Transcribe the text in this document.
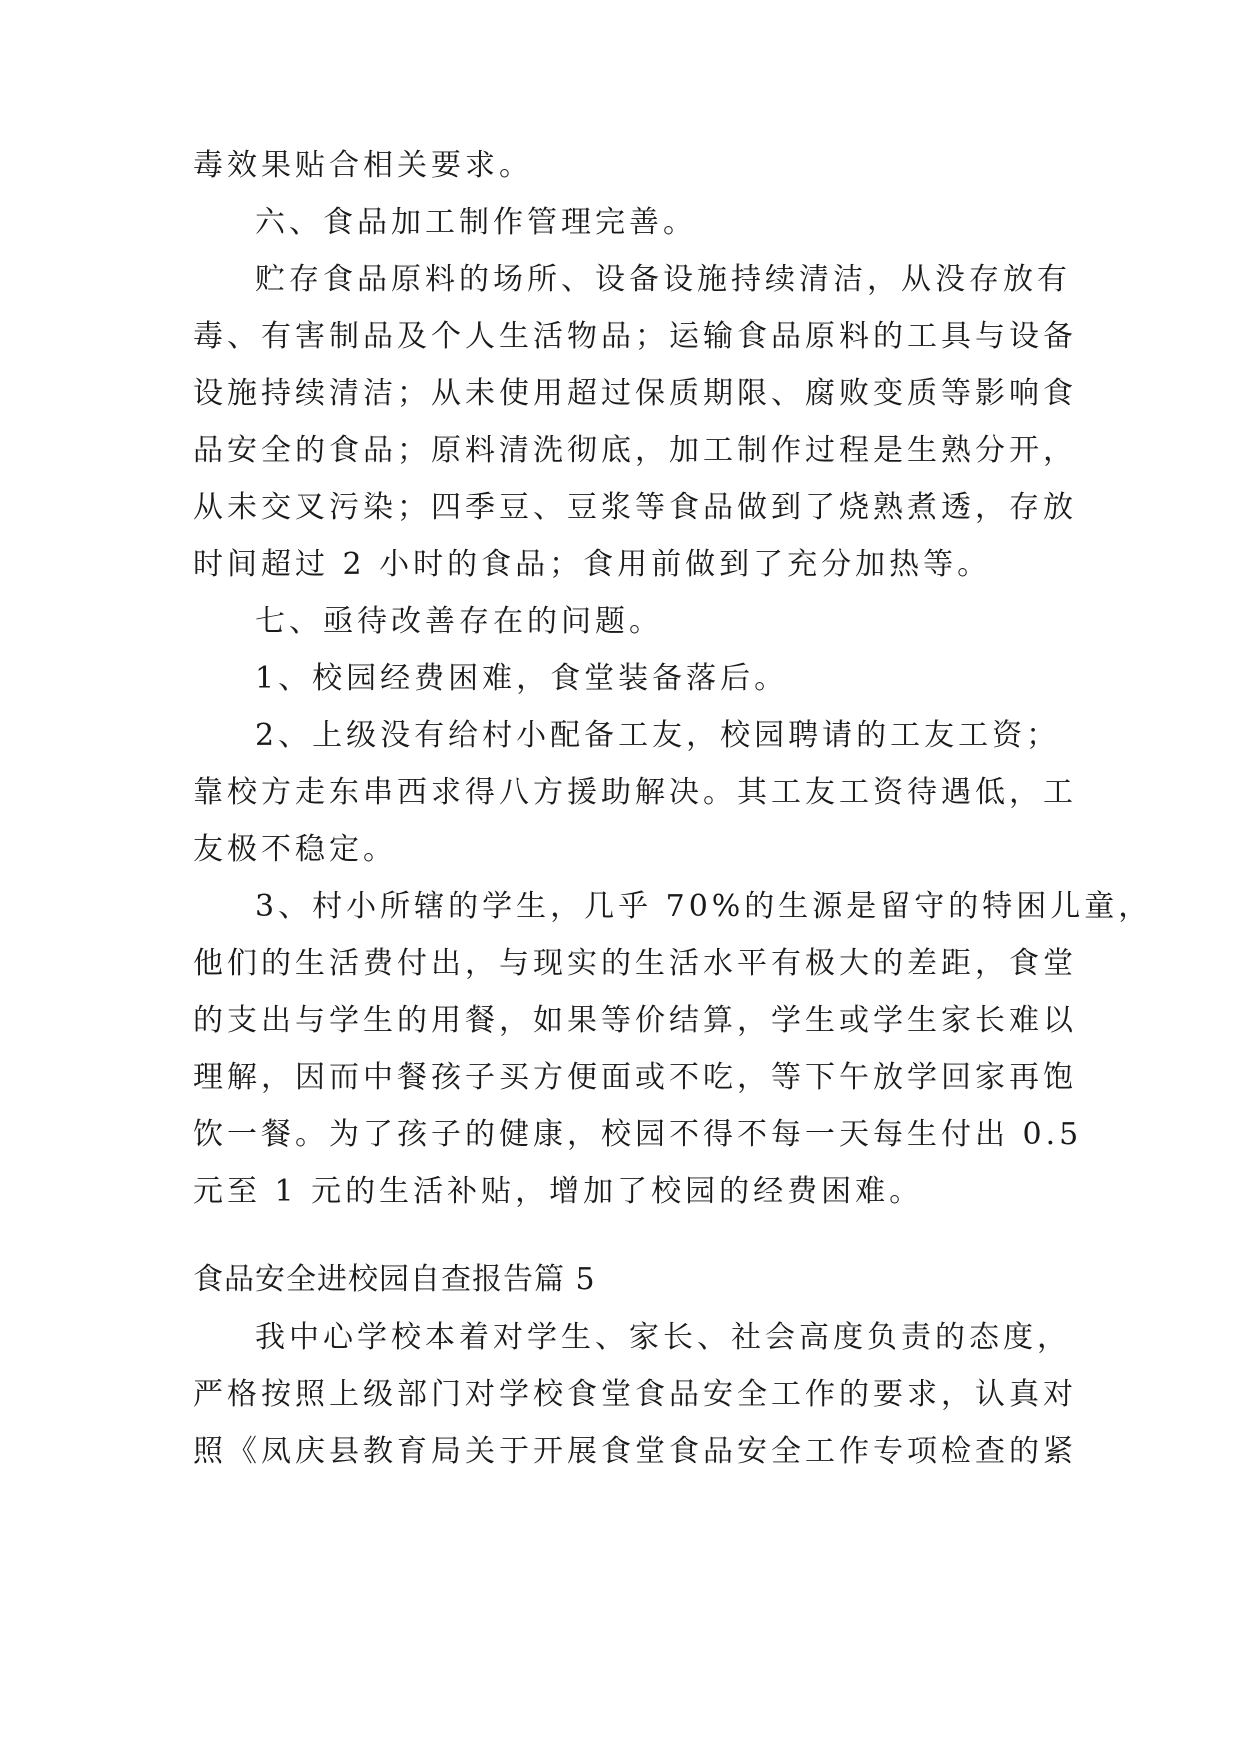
毒效果贴合相关要求。
六、食品加工制作管理完善。
贮存食品原料的场所、设备设施持续清洁，从没存放有
毒、有害制品及个人生活物品；运输食品原料的工具与设备
设施持续清洁；从未使用超过保质期限、腐败变质等影响食
品安全的食品；原料清洗彻底，加工制作过程是生熟分开，
从未交叉污染；四季豆、豆浆等食品做到了烧熟煮透，存放
时间超过 2 小时的食品；食用前做到了充分加热等。
七、亟待改善存在的问题。
1、校园经费困难，食堂装备落后。
2、上级没有给村小配备工友，校园聘请的工友工资；
靠校方走东串西求得八方援助解决。其工友工资待遇低，工
友极不稳定。
3、村小所辖的学生，几乎 70%的生源是留守的特困儿童，
他们的生活费付出，与现实的生活水平有极大的差距，食堂
的支出与学生的用餐，如果等价结算，学生或学生家长难以
理解，因而中餐孩子买方便面或不吃，等下午放学回家再饱
饮一餐。为了孩子的健康，校园不得不每一天每生付出 0.5
元至 1 元的生活补贴，增加了校园的经费困难。
食品安全进校园自查报告篇 5
我中心学校本着对学生、家长、社会高度负责的态度，
严格按照上级部门对学校食堂食品安全工作的要求，认真对
照《凤庆县教育局关于开展食堂食品安全工作专项检查的紧
